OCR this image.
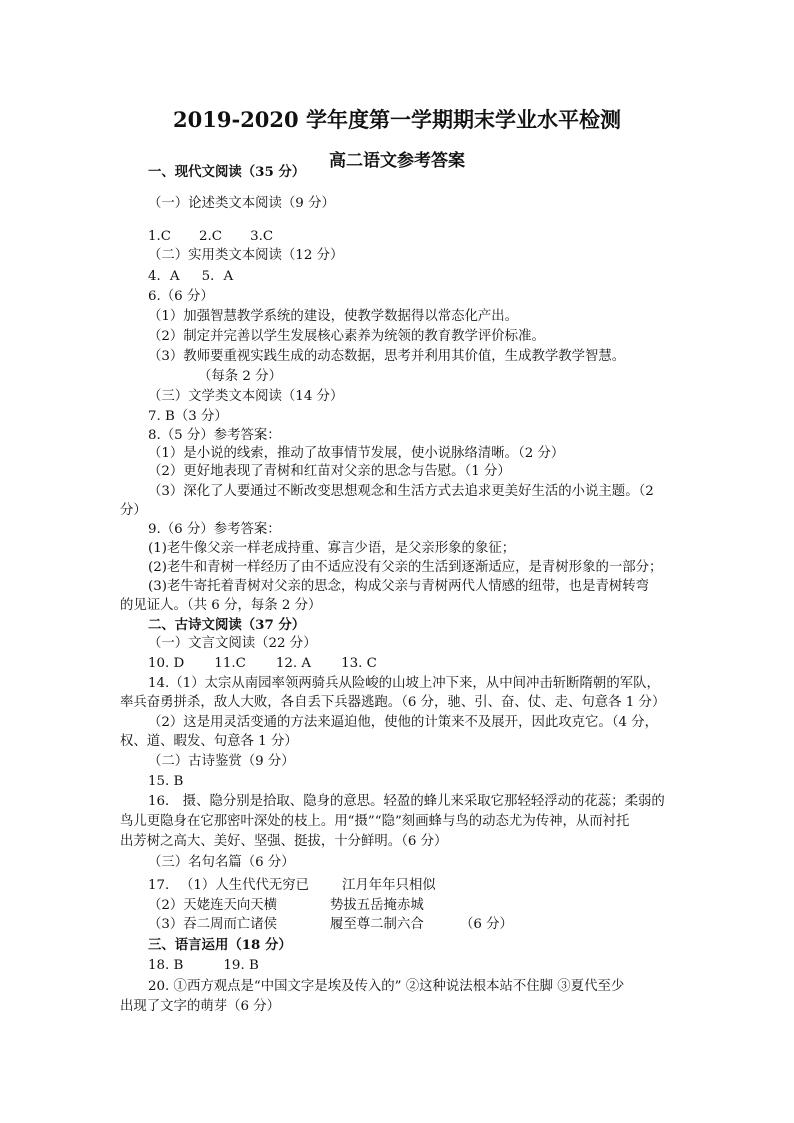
2019-2020 学年度第一学期期末学业水平检测
高二语文参考答案
一、现代文阅读（35 分）
（一）论述类文本阅读（9 分）
1.C 2.C 3.C
（二）实用类文本阅读（12 分）
4．A 5．A
6.（6 分）
（1）加强智慧教学系统的建设，使教学数据得以常态化产出。
（2）制定并完善以学生发展核心素养为统领的教育教学评价标准。
（3）教师要重视实践生成的动态数据，思考并利用其价值，生成教学教学智慧。
（每条 2 分）
（三）文学类文本阅读（14 分）
7. B（3 分）
8.（5 分）参考答案：
（1）是小说的线索，推动了故事情节发展，使小说脉络清晰。（2 分）
（2）更好地表现了青树和红苗对父亲的思念与告慰。（1 分）
（3）深化了人要通过不断改变思想观念和生活方式去追求更美好生活的小说主题。（2
分）
9.（6 分）参考答案：
(1)老牛像父亲一样老成持重、寡言少语，是父亲形象的象征；
(2)老牛和青树一样经历了由不适应没有父亲的生活到逐渐适应，是青树形象的一部分；
(3)老牛寄托着青树对父亲的思念，构成父亲与青树两代人情感的纽带，也是青树转弯
的见证人。（共 6 分，每条 2 分）
二、古诗文阅读（37 分）
（一）文言文阅读（22 分）
10. D 11.C 12. A 13. C
14.（1）太宗从南园率领两骑兵从险峻的山坡上冲下来，从中间冲击斩断隋朝的军队，
率兵奋勇拼杀，敌人大败，各自丢下兵器逃跑。（6 分，驰、引、奋、仗、走、句意各 1 分）
（2）这是用灵活变通的方法来逼迫他，使他的计策来不及展开，因此攻克它。（4 分，
权、道、暇发、句意各 1 分）
（二）古诗鉴赏（9 分）
15. B
16． 摄、隐分别是拾取、隐身的意思。轻盈的蜂儿来采取它那轻轻浮动的花蕊；柔弱的
鸟儿更隐身在它那密叶深处的枝上。用“摄”“隐”刻画蜂与鸟的动态尤为传神，从而衬托
出芳树之高大、美好、坚强、挺拔，十分鲜明。（6 分）
（三）名句名篇（6 分）
17. （1）人生代代无穷已 江月年年只相似
（2）天姥连天向天横	势拔五岳掩赤城
（3）吞二周而亡诸侯	履至尊二制六合	（6 分）
三、语言运用（18 分）
18. B	19. B
20. ①西方观点是“中国文字是埃及传入的” ②这种说法根本站不住脚 ③夏代至少
出现了文字的萌芽（6 分）
